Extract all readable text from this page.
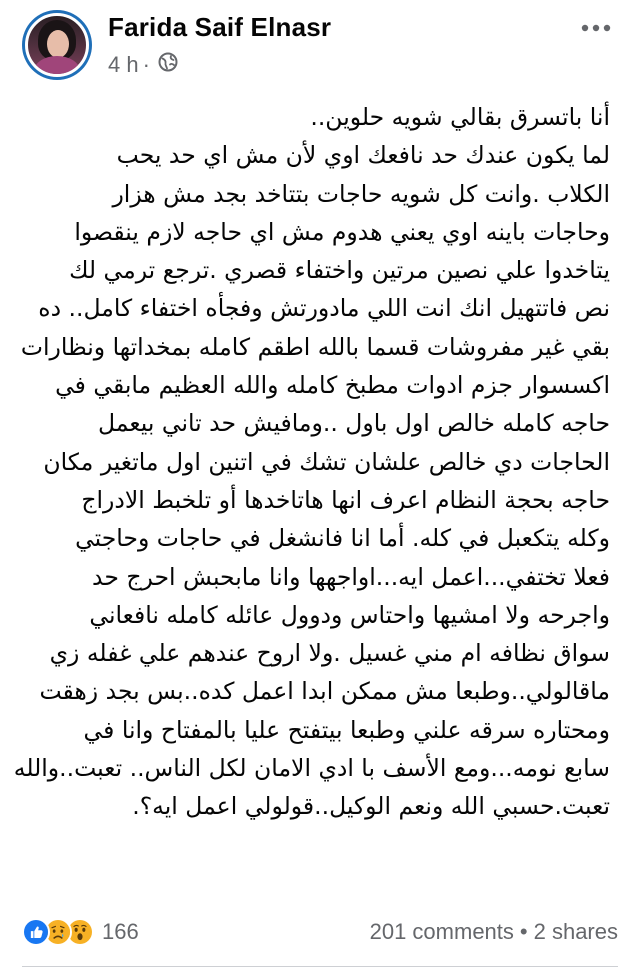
Farida Saif Elnasr
4 h ·
أنا باتسرق بقالي شويه حلوين..
لما يكون عندك حد نافعك اوي لأن مش اي حد يحب
الكلاب .وانت كل شويه حاجات بتتاخد بجد مش هزار
وحاجات باينه اوي يعني هدوم مش اي حاجه لازم ينقصوا
يتاخدوا علي نصين مرتين واختفاء قصري .ترجع ترمي لك
نص فاتتهيل انك انت اللي مادورتش وفجأه اختفاء كامل.. ده
بقي غير مفروشات قسما بالله اطقم كامله بمخداتها ونظارات
اكسسوار جزم ادوات مطبخ كامله والله العظيم مابقي في
حاجه كامله خالص اول باول ..ومافيش حد تاني بيعمل
الحاجات دي خالص علشان تشك في اتنين اول ماتغير مكان
حاجه بحجة النظام اعرف انها هاتاخدها أو تلخبط الادراج
وكله يتكعبل في كله. أما انا فانشغل في حاجات وحاجتي
فعلا تختفي...اعمل ايه...اواجهها وانا مابحبش احرج حد
واجرحه ولا امشيها واحتاس ودوول عائله كامله نافعاني
سواق نظافه ام مني غسيل .ولا اروح عندهم علي غفله زي
ماقالولي..وطبعا مش ممكن ابدا اعمل كده..بس بجد زهقت
ومحتاره سرقه علني وطبعا بيتفتح عليا بالمفتاح وانا في
سابع نومه...ومع الأسف با ادي الامان لكل الناس.. تعبت..والله
تعبت.حسبي الله ونعم الوكيل..قولولي اعمل ايه؟.
166	201 comments • 2 shares
